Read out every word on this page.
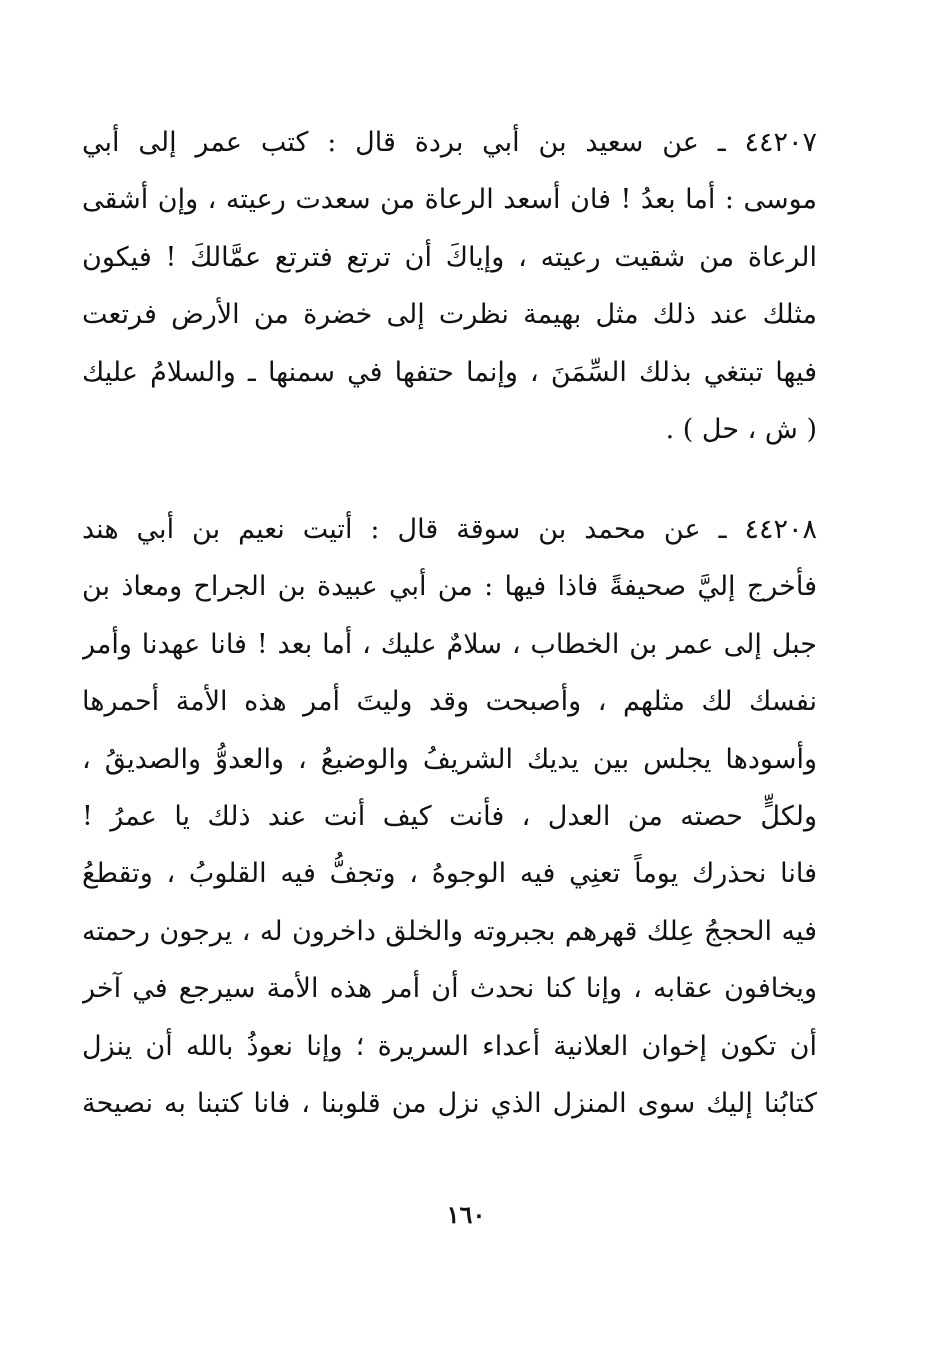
٤٤٢٠٧ ـ عن سعيد بن أبي بردة قال : كتب عمر إلى أبي
موسى : أما بعدُ ! فان أسعد الرعاة من سعدت رعيته ، وإن أشقى
الرعاة من شقيت رعيته ، وإياكَ أن ترتع فترتع عمَّالكَ ! فيكون
مثلك عند ذلك مثل بهيمة نظرت إلى خضرة من الأرض فرتعت
فيها تبتغي بذلك السِّمَنَ ، وإنما حتفها في سمنها ـ والسلامُ عليك
( ش ، حل ) .
٤٤٢٠٨ ـ عن محمد بن سوقة قال : أتيت نعيم بن أبي هند
فأخرج إليَّ صحيفةً فاذا فيها : من أبي عبيدة بن الجراح ومعاذ بن
جبل إلى عمر بن الخطاب ، سلامٌ عليك ، أما بعد ! فانا عهدنا وأمر
نفسك لك مثلهم ، وأصبحت وقد وليتَ أمر هذه الأمة أحمرها
وأسودها يجلس بين يديك الشريفُ والوضيعُ ، والعدوُّ والصديقُ ،
ولكلٍّ حصته من العدل ، فأنت كيف أنت عند ذلك يا عمرُ !
فانا نحذرك يوماً تعنِي فيه الوجوهُ ، وتجفُّ فيه القلوبُ ، وتقطعُ
فيه الحججُ عِلك قهرهم بجبروته والخلق داخرون له ، يرجون رحمته
ويخافون عقابه ، وإنا كنا نحدث أن أمر هذه الأمة سيرجع في آخر
أن تكون إخوان العلانية أعداء السريرة ؛ وإنا نعوذُ بالله أن ينزل
كتابُنا إليك سوى المنزل الذي نزل من قلوبنا ، فانا كتبنا به نصيحة
١٦٠
